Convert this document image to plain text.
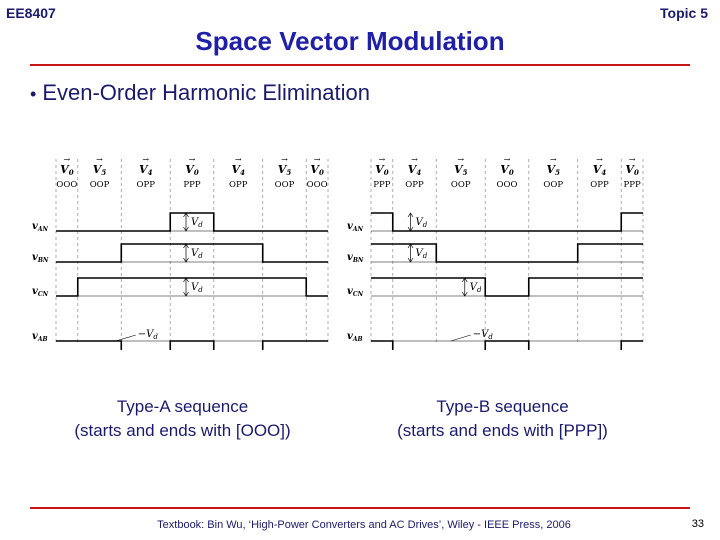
EE8407	Topic 5
Space Vector Modulation
• Even-Order Harmonic Elimination
V0
→
OOO
V5
→
OOP
V4
→
OPP
V0
→
PPP
V4
→
OPP
V5
→
OOP
V0
→
OOO
$v_{AN}$
$v_{BN}$
$v_{CN}$
$v_{AB}$
$V_d$
$V_d$
$V_d$
$-V_d$
V0
→
PPP
V4
→
OPP
V5
→
OOP
V0
→
OOO
V5
→
OOP
V4
→
OPP
V0
→
PPP
$v_{AN}$
$v_{BN}$
$v_{CN}$
$v_{AB}$
$V_d$
$V_d$
$V_d$
$-V_d$
Type-A sequence
(starts and ends with [OOO])
Type-B sequence
(starts and ends with [PPP])
Textbook: Bin Wu, ‘High-Power Converters and AC Drives’, Wiley - IEEE Press, 2006	33
